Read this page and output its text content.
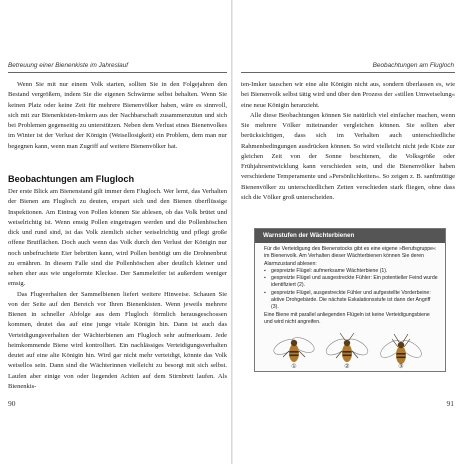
Betreuung einer Bienenkiste im Jahreslauf

Wenn Sie mit nur einem Volk starten, sollten Sie in den Folgejahren den Bestand vergrößern, indem Sie die eigenen Schwärme selbst behalten. Wenn Sie keinen Platz oder keine Zeit für mehrere Bienenvölker haben, wäre es sinnvoll, sich mit zur Bienenkisten-Imkern aus der Nachbarschaft zusammenzutun und sich bei Problemen gegenseitig zu unterstützen. Neben dem Verlust eines Bienenvolkes im Winter ist der Verlust der Königin (Weisellosigkeit) ein Problem, dem man nur begegnen kann, wenn man Zugriff auf weitere Bienenvölker hat.

Beobachtungen am Flugloch

Der erste Blick am Bienenstand gilt immer dem Flugloch. Wer lernt, das Verhalten der Bienen am Flugloch zu deuten, erspart sich und den Bienen überflüssige Inspektionen. Am Eintrag von Pollen können Sie ablesen, ob das Volk brütet und weiselrichtig ist. Wenn emsig Pollen eingetragen werden und die Pollenhöschen dick und rund sind, ist das Volk ziemlich sicher weiselrichtig und pflegt große offene Brutflächen. Doch auch wenn das Volk durch den Verlust der Königin nur noch unbefruchtete Eier bebrüten kann, wird Pollen benötigt um die Drohnenbrut zu ernähren. In diesem Falle sind die Pollenhöschen aber deutlich kleiner und sehen eher aus wie ungeformte Kleckse. Der Sammeleifer ist außerdem weniger emsig.

Das Flugverhalten der Sammelbienen liefert weitere Hinweise. Schauen Sie von der Seite auf den Bereich vor Ihren Bienenkisten. Wenn jeweils mehrere Bienen in schneller Abfolge aus dem Flugloch förmlich herausgeschossen kommen, deutet das auf eine junge vitale Königin hin. Dann ist auch das Verteidigungsverhalten der Wächterbienen am Flugloch sehr aufmerksam. Jede heimkommende Biene wird kontrolliert. Ein nachlässiges Verteidigungsverhalten deutet auf eine alte Königin hin. Wird gar nicht mehr verteidigt, könnte das Volk weisellos sein. Dann sind die Wächterinnen vielleicht zu besorgt mit sich selbst. Laufen aber einige von oder liegenden Achten auf dem Stirnbrett laufen. Als Bienenkis-

90
Beobachtungen am Flugloch

ten-Imker tauschen wir eine alte Königin nicht aus, sondern überlassen es, wie bei Bienenvolk selbst tätig wird und über den Prozess der »stillen Umweiselung« eine neue Königin heranzieht.

Alle diese Beobachtungen können Sie natürlich viel einfacher machen, wenn Sie mehrere Völker miteinander vergleichen können. Sie sollten aber berücksichtigen, dass sich im Verhalten auch unterschiedliche Rahmenbedingungen ausdrücken können. So wird vielleicht nicht jede Kiste zur gleichen Zeit von der Sonne beschienen, die Volksgröße oder Frühjahrsentwicklung kann verschieden sein, und die Bienenvölker haben verschiedene Temperamente und »Persönlichkeiten«. So zeigen z. B. sanftmütige Bienenvölker zu unterschiedlichen Zeiten verschieden stark fliegen, ohne dass sich die Völker groß unterscheiden.

91
Warnstufen der Wächterbienen

Für die Verteidigung des Bienenstocks gibt es eine eigene »Berufsgruppe« im Bienenvolk. Am Verhalten dieser Wächterbienen können Sie deren Alarmzustand ablesen:

▪ gespreizte Flügel: aufmerksame Wächterbiene (1).
▪ gespreizte Flügel und ausgestreckte Fühler: Ein potentieller Feind wurde identifiziert (2).
▪ gespreizte Flügel, ausgestreckte Fühler und aufgestellte Vorderbeine: aktive Drohgebärde. Die nächste Eskalationsstufe ist dann der Angriff (3).

Eine Biene mit parallel anliegenden Flügeln ist keine Verteidigungsbiene und wird nicht angreifen.

①	②	③
